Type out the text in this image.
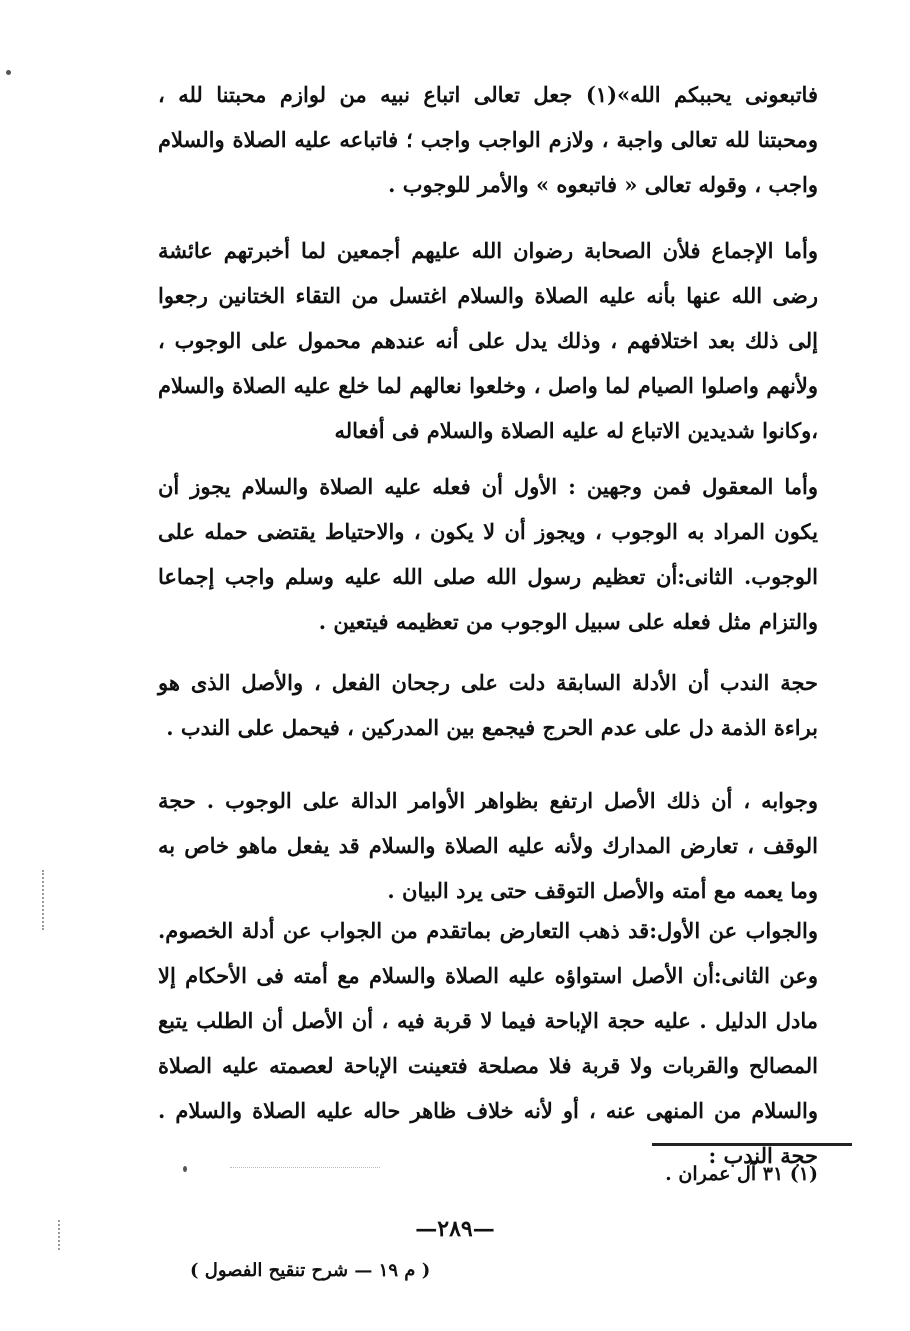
فاتبعونى يحببكم الله»(١) جعل تعالى اتباع نبيه من لوازم محبتنا لله ، ومحبتنا لله تعالى واجبة ، ولازم الواجب واجب ؛ فاتباعه عليه الصلاة والسلام واجب ، وقوله تعالى « فاتبعوه » والأمر للوجوب .

وأما الإجماع فلأن الصحابة رضوان الله عليهم أجمعين لما أخبرتهم عائشة رضى الله عنها بأنه عليه الصلاة والسلام اغتسل من التقاء الختانين رجعوا إلى ذلك بعد اختلافهم ، وذلك يدل على أنه عندهم محمول على الوجوب ، ولأنهم واصلوا الصيام لما واصل ، وخلعوا نعالهم لما خلع عليه الصلاة والسلام ،وكانوا شديدين الاتباع له عليه الصلاة والسلام فى أفعاله

وأما المعقول فمن وجهين : الأول أن فعله عليه الصلاة والسلام يجوز أن يكون المراد به الوجوب ، ويجوز أن لا يكون ، والاحتياط يقتضى حمله على الوجوب. الثانى:أن تعظيم رسول الله صلى الله عليه وسلم واجب إجماعا والتزام مثل فعله على سبيل الوجوب من تعظيمه فيتعين .

حجة الندب أن الأدلة السابقة دلت على رجحان الفعل ، والأصل الذى هو براءة الذمة دل على عدم الحرج فيجمع بين المدركين ، فيحمل على الندب .

وجوابه ، أن ذلك الأصل ارتفع بظواهر الأوامر الدالة على الوجوب . حجة الوقف ، تعارض المدارك ولأنه عليه الصلاة والسلام قد يفعل ماهو خاص به وما يعمه مع أمته والأصل التوقف حتى يرد البيان .

والجواب عن الأول:قد ذهب التعارض بماتقدم من الجواب عن أدلة الخصوم. وعن الثانى:أن الأصل استواؤه عليه الصلاة والسلام مع أمته فى الأحكام إلا مادل الدليل . عليه حجة الإباحة فيما لا قربة فيه ، أن الأصل أن الطلب يتبع المصالح والقربات ولا قربة فلا مصلحة فتعينت الإباحة لعصمته عليه الصلاة والسلام من المنهى عنه ، أو لأنه خلاف ظاهر حاله عليه الصلاة والسلام . حجة الندب :

(١) ٣١ آل عمران .
—٢٨٩—
( م ١٩ — شرح تنقيح الفصول )
